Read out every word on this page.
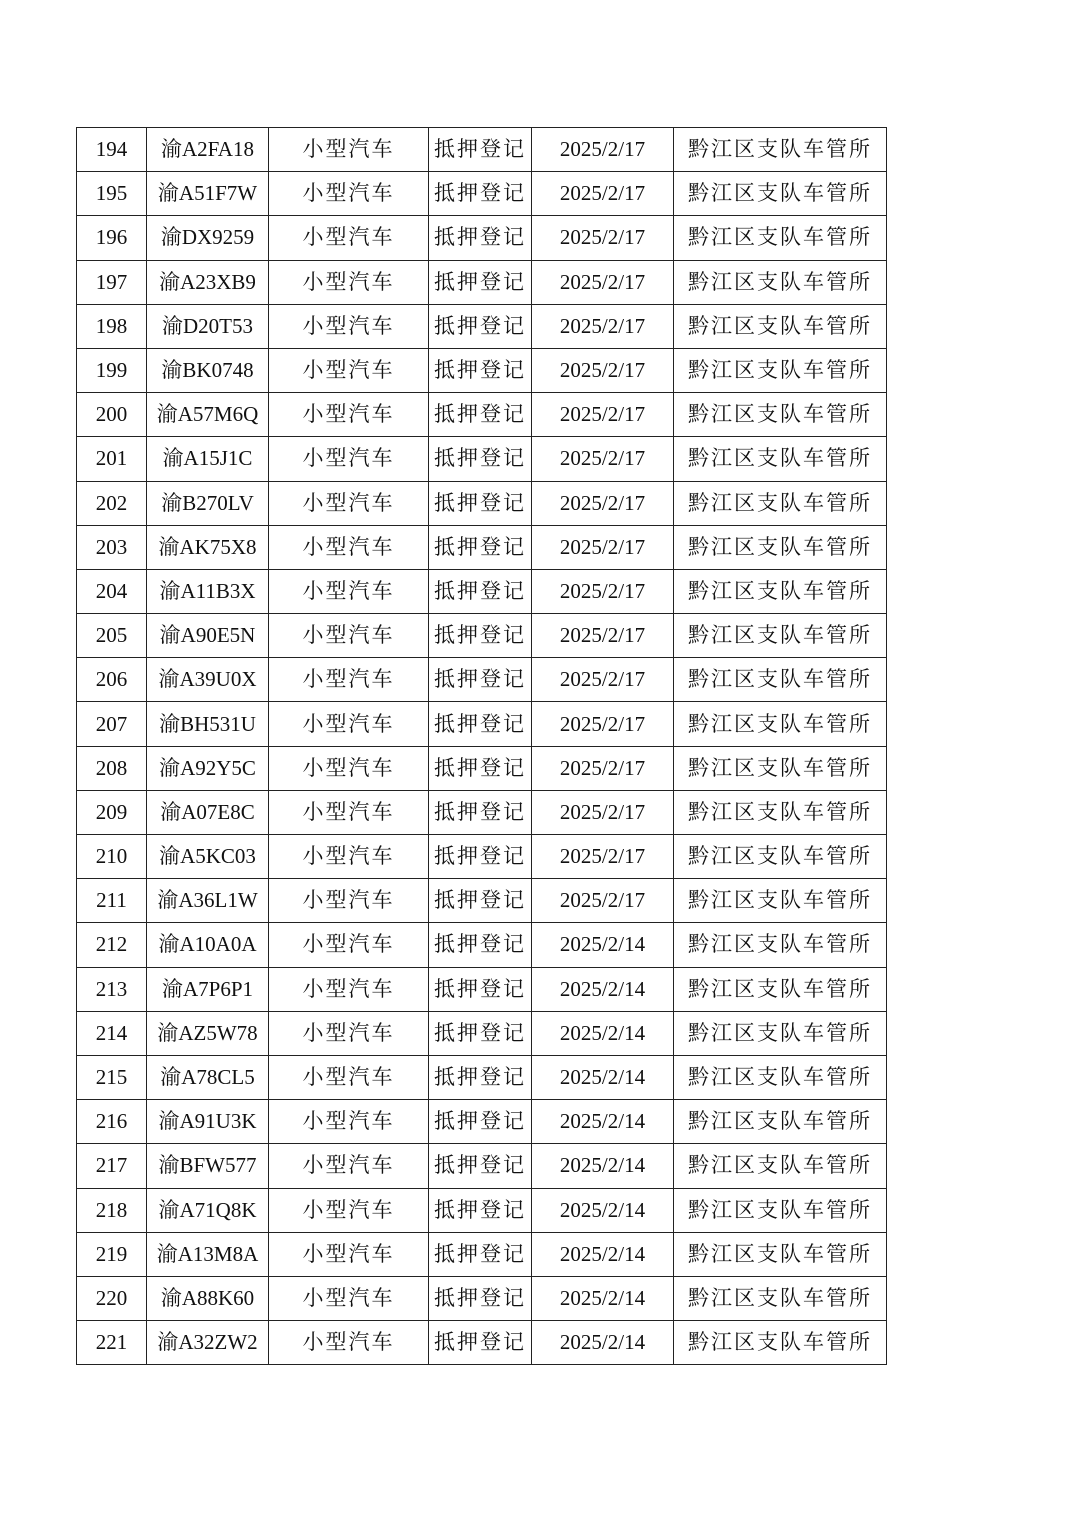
194	渝A2FA18	小型汽车	抵押登记	2025/2/17	黔江区支队车管所
195	渝A51F7W	小型汽车	抵押登记	2025/2/17	黔江区支队车管所
196	渝DX9259	小型汽车	抵押登记	2025/2/17	黔江区支队车管所
197	渝A23XB9	小型汽车	抵押登记	2025/2/17	黔江区支队车管所
198	渝D20T53	小型汽车	抵押登记	2025/2/17	黔江区支队车管所
199	渝BK0748	小型汽车	抵押登记	2025/2/17	黔江区支队车管所
200	渝A57M6Q	小型汽车	抵押登记	2025/2/17	黔江区支队车管所
201	渝A15J1C	小型汽车	抵押登记	2025/2/17	黔江区支队车管所
202	渝B270LV	小型汽车	抵押登记	2025/2/17	黔江区支队车管所
203	渝AK75X8	小型汽车	抵押登记	2025/2/17	黔江区支队车管所
204	渝A11B3X	小型汽车	抵押登记	2025/2/17	黔江区支队车管所
205	渝A90E5N	小型汽车	抵押登记	2025/2/17	黔江区支队车管所
206	渝A39U0X	小型汽车	抵押登记	2025/2/17	黔江区支队车管所
207	渝BH531U	小型汽车	抵押登记	2025/2/17	黔江区支队车管所
208	渝A92Y5C	小型汽车	抵押登记	2025/2/17	黔江区支队车管所
209	渝A07E8C	小型汽车	抵押登记	2025/2/17	黔江区支队车管所
210	渝A5KC03	小型汽车	抵押登记	2025/2/17	黔江区支队车管所
211	渝A36L1W	小型汽车	抵押登记	2025/2/17	黔江区支队车管所
212	渝A10A0A	小型汽车	抵押登记	2025/2/14	黔江区支队车管所
213	渝A7P6P1	小型汽车	抵押登记	2025/2/14	黔江区支队车管所
214	渝AZ5W78	小型汽车	抵押登记	2025/2/14	黔江区支队车管所
215	渝A78CL5	小型汽车	抵押登记	2025/2/14	黔江区支队车管所
216	渝A91U3K	小型汽车	抵押登记	2025/2/14	黔江区支队车管所
217	渝BFW577	小型汽车	抵押登记	2025/2/14	黔江区支队车管所
218	渝A71Q8K	小型汽车	抵押登记	2025/2/14	黔江区支队车管所
219	渝A13M8A	小型汽车	抵押登记	2025/2/14	黔江区支队车管所
220	渝A88K60	小型汽车	抵押登记	2025/2/14	黔江区支队车管所
221	渝A32ZW2	小型汽车	抵押登记	2025/2/14	黔江区支队车管所
